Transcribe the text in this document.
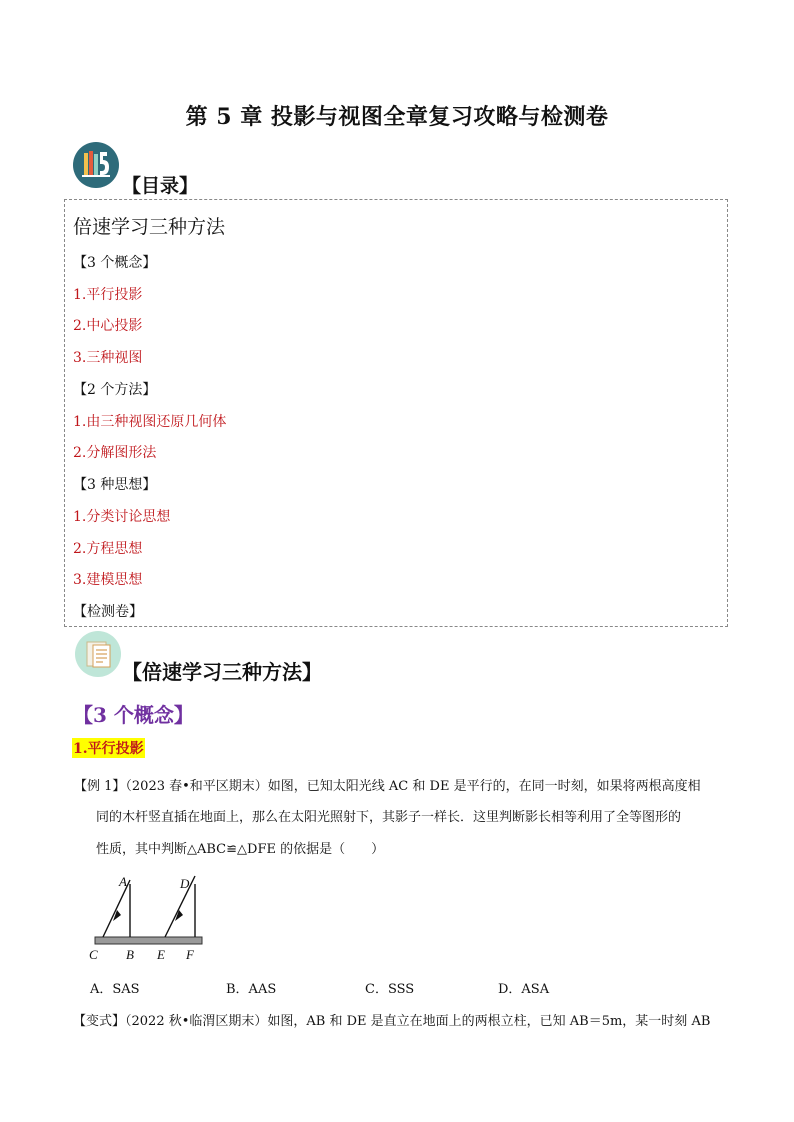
第 5 章 投影与视图全章复习攻略与检测卷
【目录】
倍速学习三种方法
【3 个概念】
1.平行投影
2.中心投影
3.三种视图
【2 个方法】
1.由三种视图还原几何体
2.分解图形法
【3 种思想】
1.分类讨论思想
2.方程思想
3.建模思想
【检测卷】
【倍速学习三种方法】
【3 个概念】
1.平行投影
【例 1】（2023 春•和平区期末）如图，已知太阳光线 AC 和 DE 是平行的，在同一时刻，如果将两根高度相
同的木杆竖直插在地面上，那么在太阳光照射下，其影子一样长．这里判断影长相等利用了全等图形的
性质，其中判断△ABC≌△DFE 的依据是（　　）
A	D
C B E F
A．SAS	B．AAS	C．SSS	D．ASA
【变式】（2022 秋•临渭区期末）如图，AB 和 DE 是直立在地面上的两根立柱，已知 AB＝5m，某一时刻 AB
